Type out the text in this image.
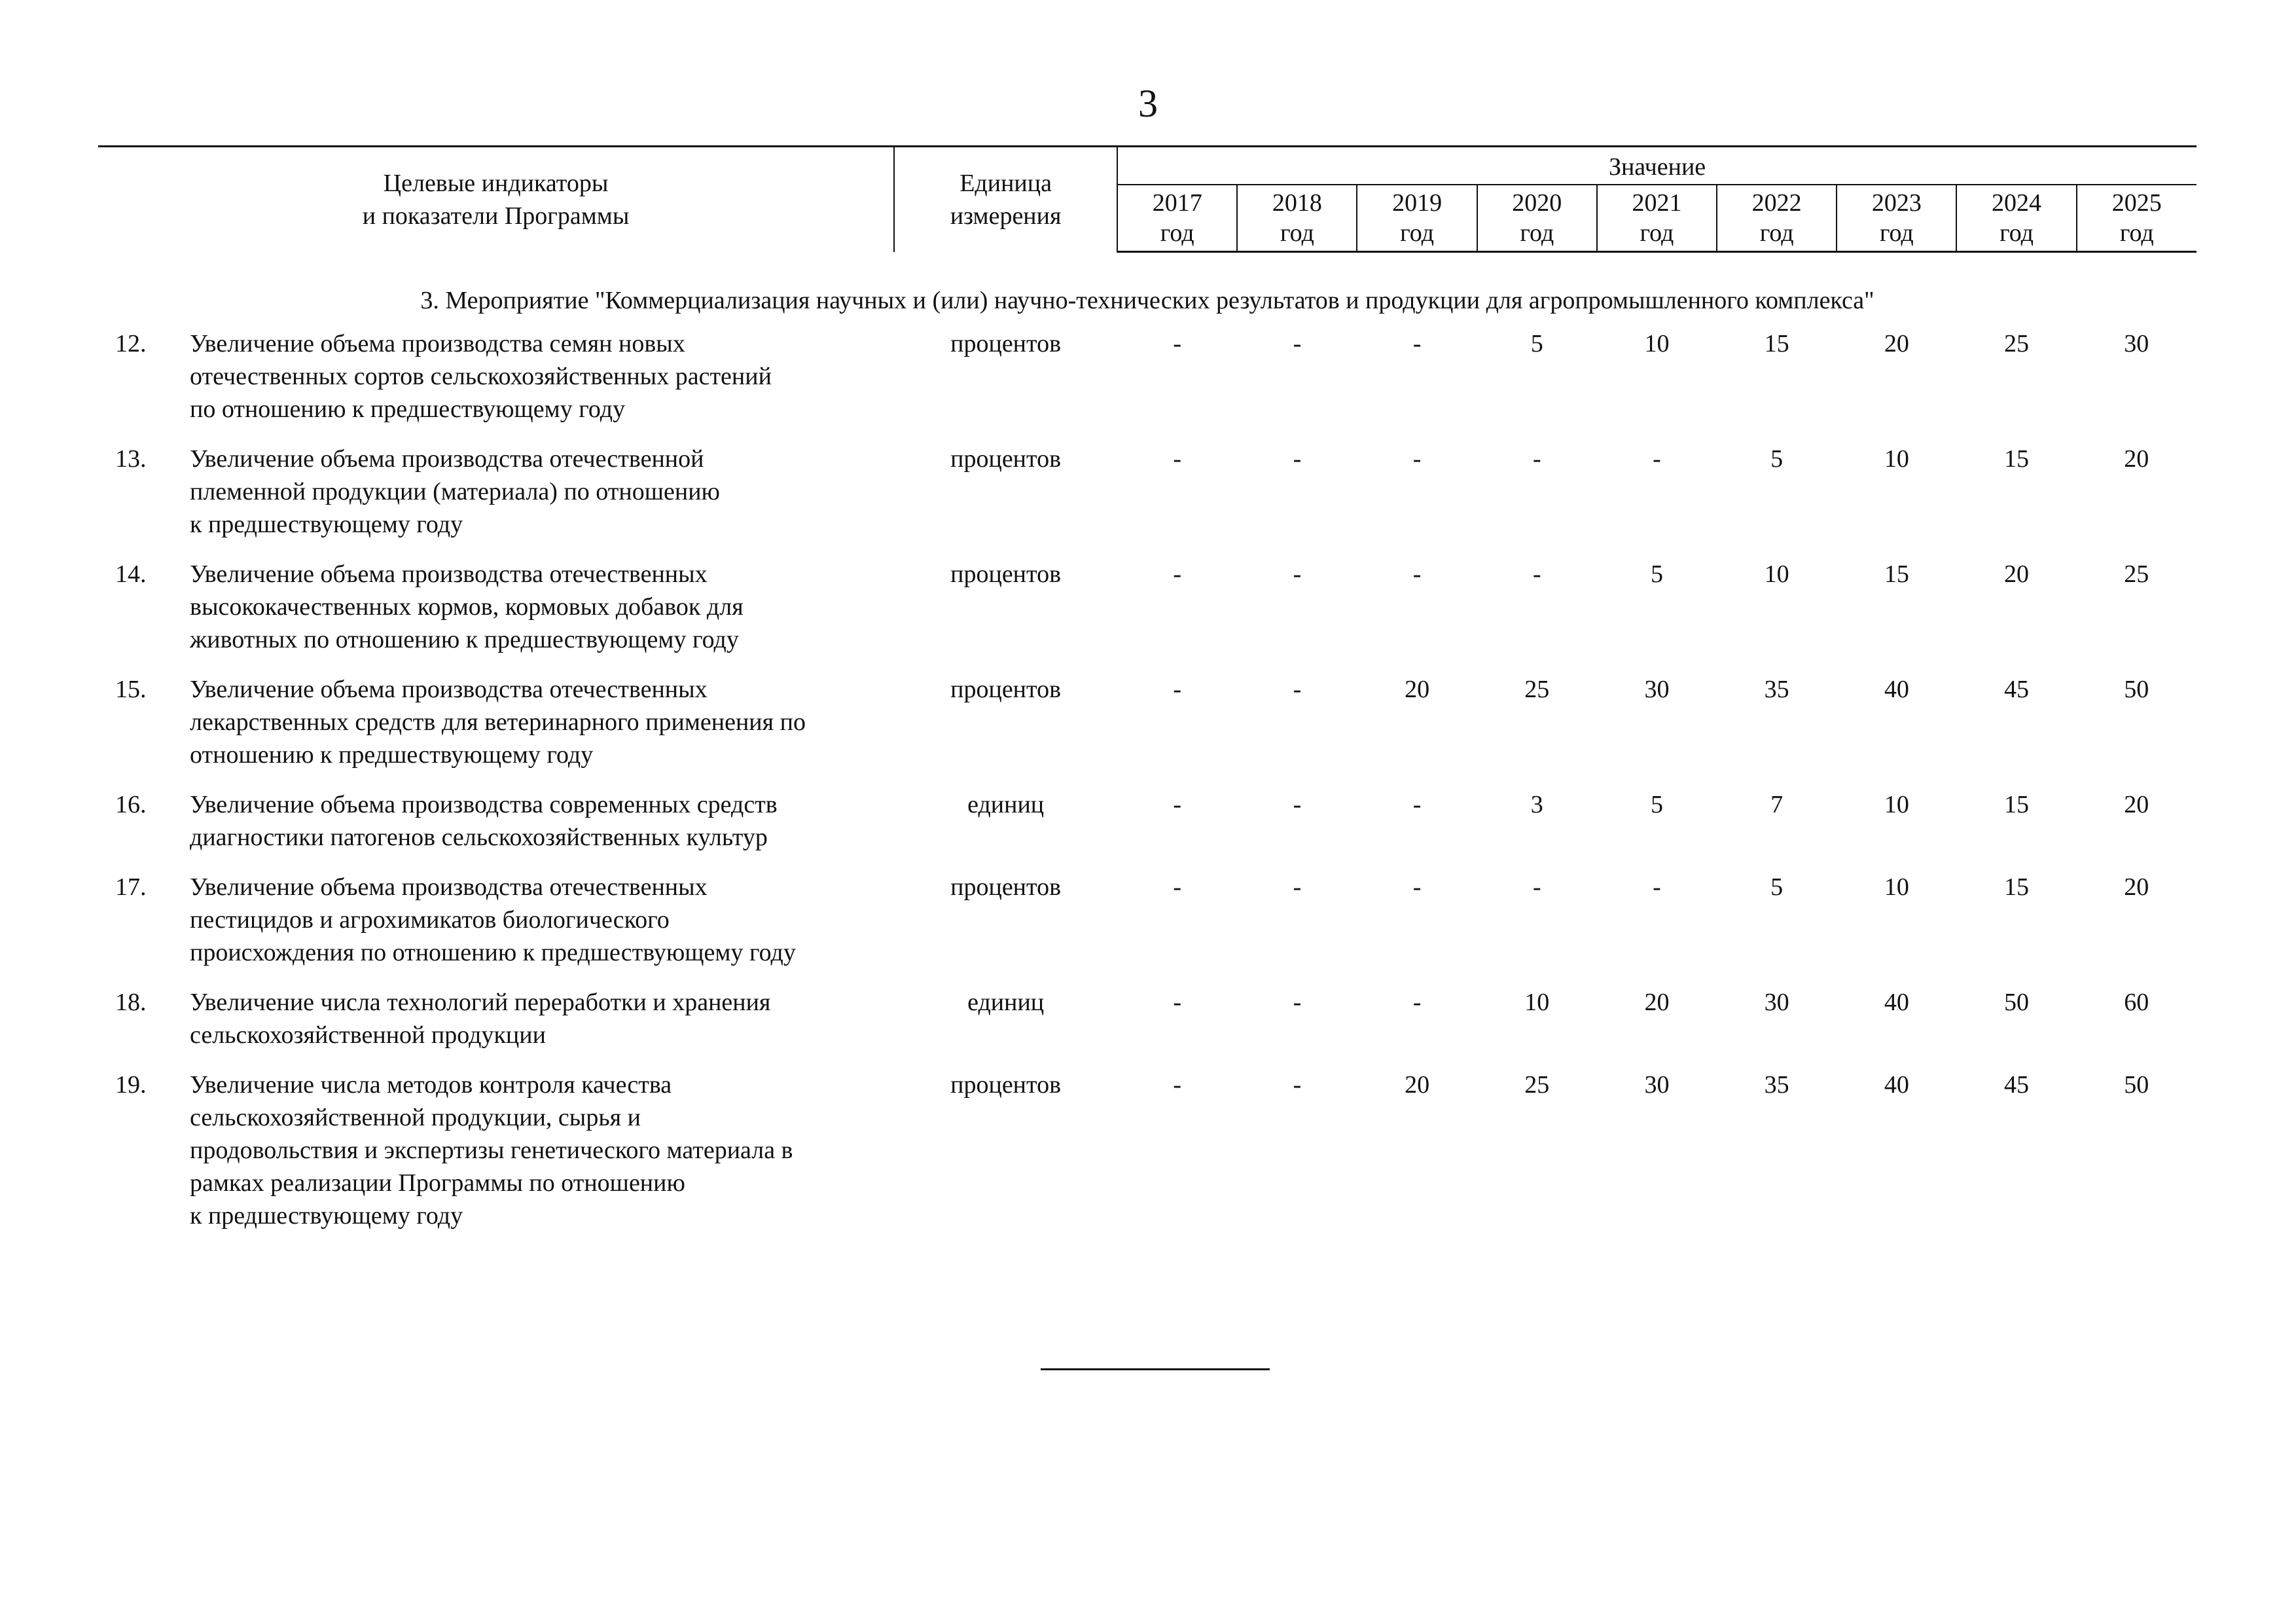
3
Целевые индикаторы
и показатели Программы		Единица
измерения	Значение								
			2017	2018	2019	2020	2021	2022	2023	2024	2025
			год	год	год	год	год	год	год	год	год
3. Мероприятие "Коммерциализация научных и (или) научно-технических результатов и продукции для агропромышленного комплекса"											
12.	Увеличение объема производства семян новых
отечественных сортов сельскохозяйственных растений
по отношению к предшествующему году	процентов	-	-	-	5	10	15	20	25	30
13.	Увеличение объема производства отечественной
племенной продукции (материала) по отношению
к предшествующему году	процентов	-	-	-	-	-	5	10	15	20
14.	Увеличение объема производства отечественных
высококачественных кормов, кормовых добавок для
животных по отношению к предшествующему году	процентов	-	-	-	-	5	10	15	20	25
15.	Увеличение объема производства отечественных
лекарственных средств для ветеринарного применения по
отношению к предшествующему году	процентов	-	-	20	25	30	35	40	45	50
16.	Увеличение объема производства современных средств
диагностики патогенов сельскохозяйственных культур	единиц	-	-	-	3	5	7	10	15	20
17.	Увеличение объема производства отечественных
пестицидов и агрохимикатов биологического
происхождения по отношению к предшествующему году	процентов	-	-	-	-	-	5	10	15	20
18.	Увеличение числа технологий переработки и хранения
сельскохозяйственной продукции	единиц	-	-	-	10	20	30	40	50	60
19.	Увеличение числа методов контроля качества
сельскохозяйственной продукции, сырья и
продовольствия и экспертизы генетического материала в
рамках реализации Программы по отношению
к предшествующему году	процентов	-	-	20	25	30	35	40	45	50
